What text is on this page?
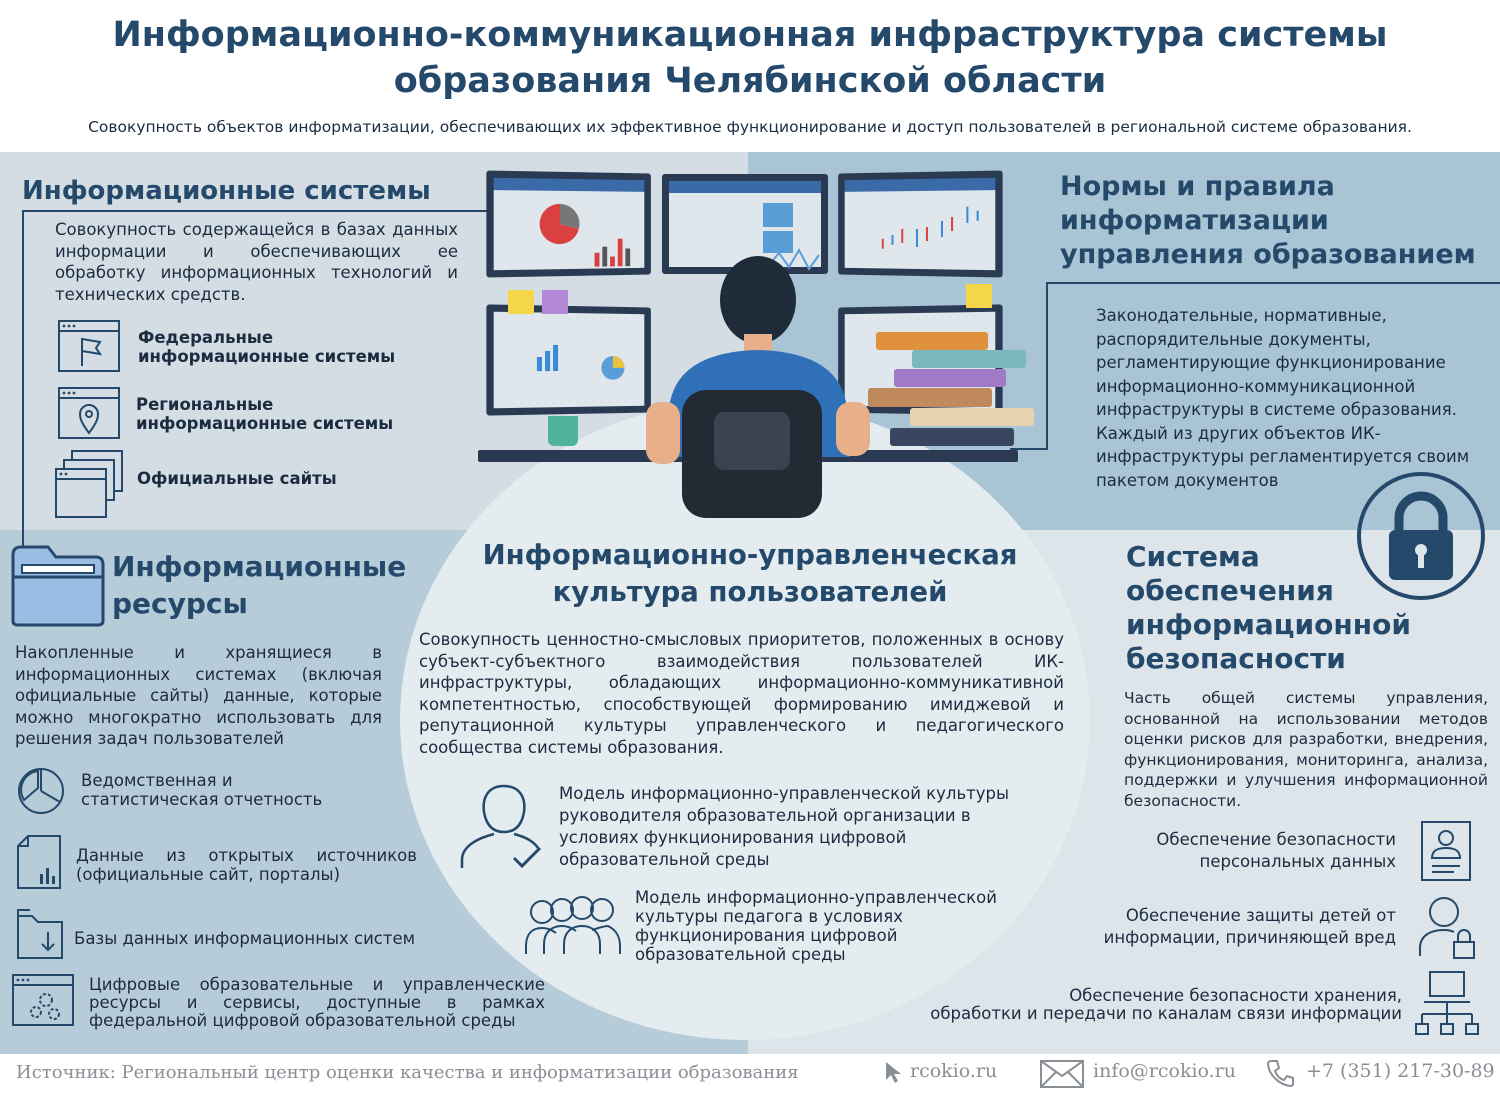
Информационно-коммуникационная инфраструктура системы
образования Челябинской области
Совокупность объектов информатизации, обеспечивающих их эффективное функционирование и доступ пользователей в региональной системе образования.
Информационные системы
Совокупность содержащейся в базах данных информации и обеспечивающих ее обработку информационных технологий и технических средств.
Федеральные
информационные системы
Региональные
информационные системы
Официальные сайты
Нормы и правила
информатизации
управления образованием
Законодательные, нормативные, распорядительные документы, регламентирующие функционирование информационно-коммуникационной инфраструктуры в системе образования. Каждый из других объектов ИК-инфраструктуры регламентируется своим пакетом документов
Информационные
ресурсы
Накопленные и хранящиеся в информационных системах (включая официальные сайты) данные, которые можно многократно использовать для решения задач пользователей
Ведомственная и статистическая отчетность
Данные из открытых источников (официальные сайт, порталы)
Базы данных информационных систем
Цифровые образовательные и управленческие ресурсы и сервисы, доступные в рамках федеральной цифровой образовательной среды
Информационно-управленческая
культура пользователей
Совокупность ценностно-смысловых приоритетов, положенных в основу субъект-субъектного взаимодействия пользователей ИК-инфраструктуры, обладающих информационно-коммуникативной компетентностью, способствующей формированию имиджевой и репутационной культуры управленческого и педагогического сообщества системы образования.
Модель информационно-управленческой культуры руководителя образовательной организации в условиях функционирования цифровой образовательной среды
Модель информационно-управленческой культуры педагога в условиях функционирования цифровой образовательной среды
Система
обеспечения
информационной
безопасности
Часть общей системы управления, основанной на использовании методов оценки рисков для разработки, внедрения, функционирования, мониторинга, анализа, поддержки и улучшения информационной безопасности.
Обеспечение безопасности
персональных данных
Обеспечение защиты детей от
информации, причиняющей вред
Обеспечение безопасности хранения,
обработки и передачи по каналам связи информации
Источник: Региональный центр оценки качества и информатизации образования	rcokio.ru	info@rcokio.ru	+7 (351) 217-30-89
